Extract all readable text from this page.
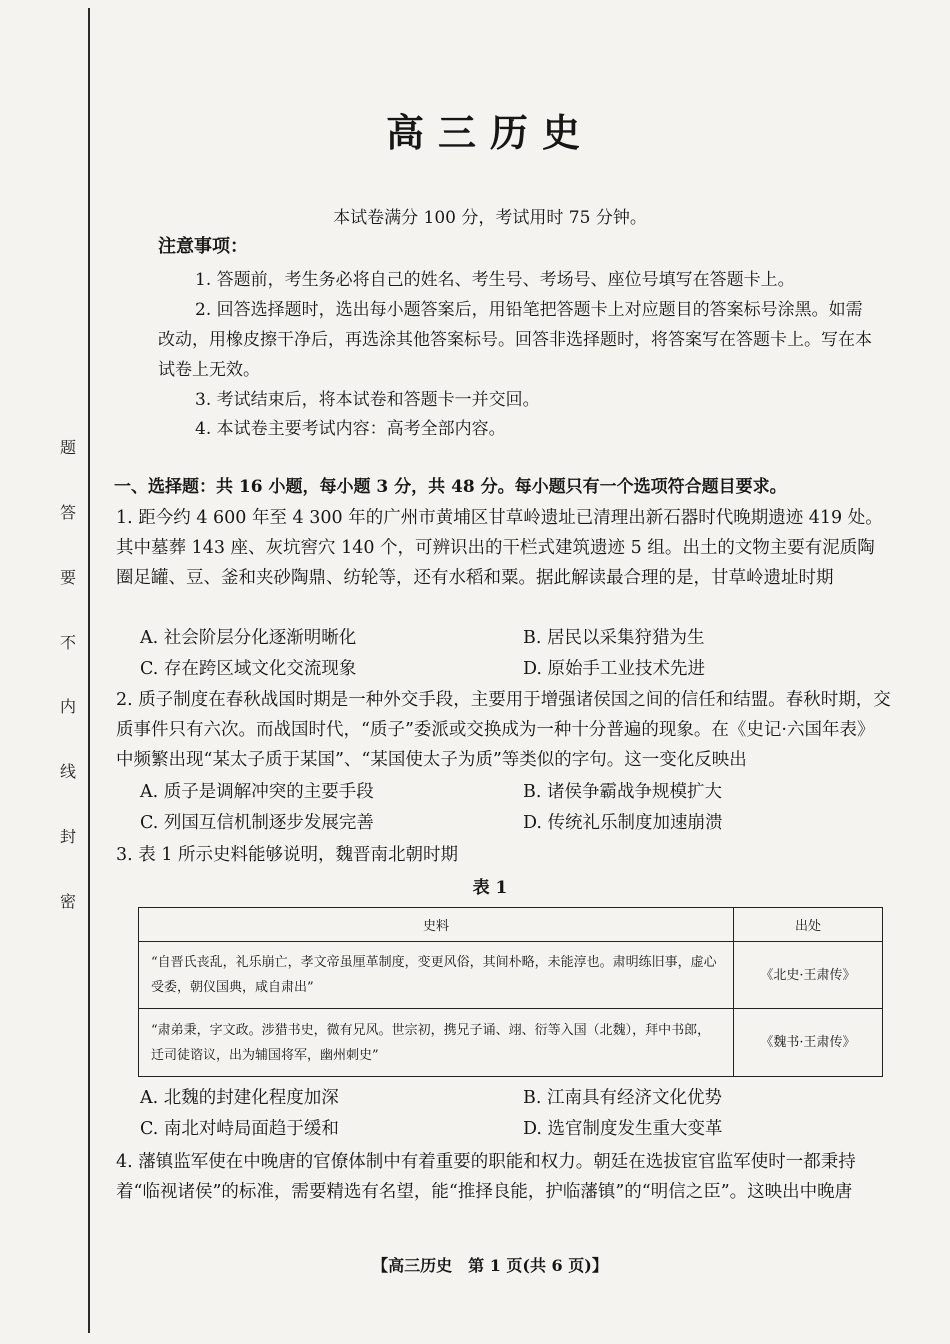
题
答
要
不
内
线
封
密
高三历史
本试卷满分 100 分，考试用时 75 分钟。
注意事项：
1. 答题前，考生务必将自己的姓名、考生号、考场号、座位号填写在答题卡上。
2. 回答选择题时，选出每小题答案后，用铅笔把答题卡上对应题目的答案标号涂黑。如需改动，用橡皮擦干净后，再选涂其他答案标号。回答非选择题时，将答案写在答题卡上。写在本试卷上无效。
3. 考试结束后，将本试卷和答题卡一并交回。
4. 本试卷主要考试内容：高考全部内容。
一、选择题：共 16 小题，每小题 3 分，共 48 分。每小题只有一个选项符合题目要求。
1. 距今约 4 600 年至 4 300 年的广州市黄埔区甘草岭遗址已清理出新石器时代晚期遗迹 419 处。其中墓葬 143 座、灰坑窖穴 140 个，可辨识出的干栏式建筑遗迹 5 组。出土的文物主要有泥质陶圈足罐、豆、釜和夹砂陶鼎、纺轮等，还有水稻和粟。据此解读最合理的是，甘草岭遗址时期
A. 社会阶层分化逐渐明晰化	B. 居民以采集狩猎为生
C. 存在跨区域文化交流现象	D. 原始手工业技术先进
2. 质子制度在春秋战国时期是一种外交手段，主要用于增强诸侯国之间的信任和结盟。春秋时期，交质事件只有六次。而战国时代，“质子”委派或交换成为一种十分普遍的现象。在《史记·六国年表》中频繁出现“某太子质于某国”、“某国使太子为质”等类似的字句。这一变化反映出
A. 质子是调解冲突的主要手段	B. 诸侯争霸战争规模扩大
C. 列国互信机制逐步发展完善	D. 传统礼乐制度加速崩溃
3. 表 1 所示史料能够说明，魏晋南北朝时期
表 1
史料	出处
“自晋氏丧乱，礼乐崩亡，孝文帝虽厘革制度，变更风俗，其间朴略，未能淳也。肃明练旧事，虚心受委，朝仪国典，咸自肃出”	《北史·王肃传》
“肃弟秉，字文政。涉猎书史，微有兄风。世宗初，携兄子诵、翊、衍等入国（北魏），拜中书郎，迁司徒谘议，出为辅国将军，幽州刺史”	《魏书·王肃传》
A. 北魏的封建化程度加深	B. 江南具有经济文化优势
C. 南北对峙局面趋于缓和	D. 选官制度发生重大变革
4. 藩镇监军使在中晚唐的官僚体制中有着重要的职能和权力。朝廷在选拔宦官监军使时一都秉持着“临视诸侯”的标准，需要精选有名望，能“推择良能，护临藩镇”的“明信之臣”。这映出中晚唐
【高三历史　第 1 页(共 6 页)】
